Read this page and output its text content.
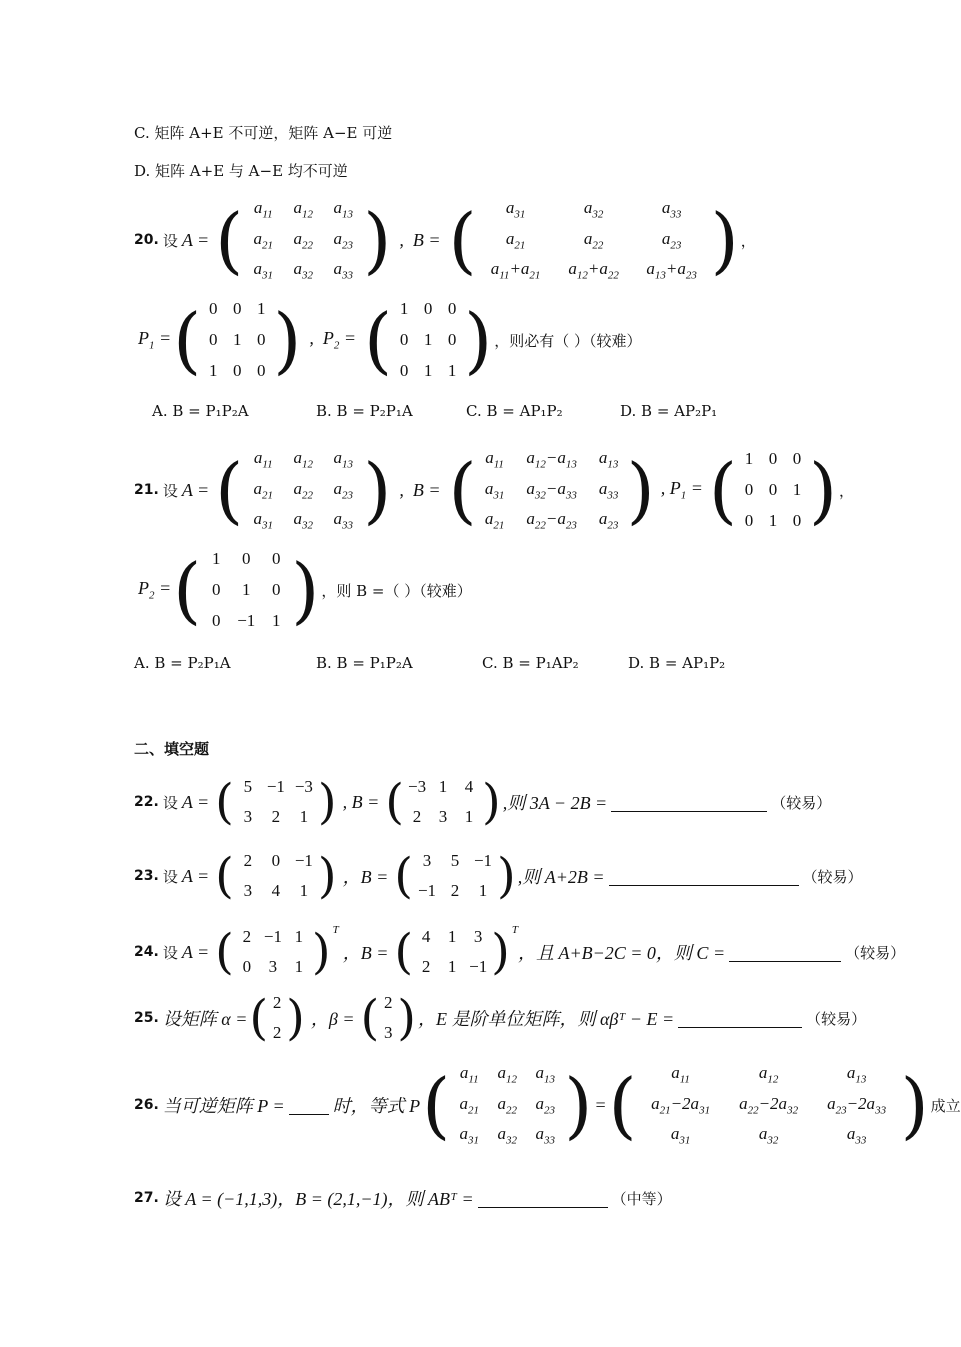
C. 矩阵 A+E 不可逆，矩阵 A−E 可逆
D. 矩阵 A+E 与 A−E 均不可逆
20. 设 A = ( $a_{11}$	$a_{12}$	$a_{13}$
$a_{21}$	$a_{22}$	$a_{23}$
$a_{31}$	$a_{32}$	$a_{33}$ ) ,  B = (	$a_{31}$	$a_{32}$	$a_{33}$
$a_{21}$	$a_{22}$	$a_{23}$
$a_{11}+a_{21}$	$a_{12}+a_{22}$	$a_{13}+a_{23}$ ) ，
$P_1$ = ( 0 0 1
0 1 0
1 0 0 ) ,  $P_2$ = ( 1 0 0
0 1 0
0 1 1 ) ，则必有（ ）（较难）
A. B = P₁P₂A	B. B = P₂P₁A	C. B = AP₁P₂	D. B = AP₂P₁
21. 设 A = ( $a_{11}$	$a_{12}$	$a_{13}$
$a_{21}$	$a_{22}$	$a_{23}$
$a_{31}$	$a_{32}$	$a_{33}$ ) ,  B = ( $a_{11}$	$a_{12}-a_{13}$	$a_{13}$
$a_{31}$	$a_{32}-a_{33}$	$a_{33}$
$a_{21}$	$a_{22}-a_{23}$	$a_{23}$ ) , $P_1$ = ( 1 0 0
0 0 1
0 1 0 ) ，
$P_2$ = ( 1	0	0
0	1	0
0 −1 1 ) ，则 B =（ ）（较难）
A. B = P₂P₁A	B. B = P₁P₂A	C. B = P₁AP₂	D. B = AP₁P₂
二、填空题
22. 设 A = ( 5 −1 −3
3	2	1 ) , B = ( −3 1	4
2	3	1 ) ,则 3A − 2B =	（较易）
23. 设 A = ( 2	0 −1
3	4	1 ) ，B = ( 3	5 −1
−1 2	1 ) ,则 A+2B =	（较易）
24. 设 A = ( 2 −1 1
0	3	1 ) T
，B = ( 4	1	3
2	1 −1 ) T
，且 A+B−2C = 0，则 C =	（较易）
25. 设矩阵 α = ( 2
2 ) ，β = ( 2
3 ) ，E 是阶单位矩阵，则 αβᵀ − E =	（较易）
26. 当可逆矩阵 P =	时，等式 P ( $a_{11}$	$a_{12}$	$a_{13}$
$a_{21}$	$a_{22}$	$a_{23}$
$a_{31}$	$a_{32}$	$a_{33}$ ) = (	$a_{11}$	$a_{12}$	$a_{13}$
$a_{21}-2a_{31}$	$a_{22}-2a_{32}$	$a_{23}-2a_{33}$
$a_{31}$	$a_{32}$	$a_{33}$ ) 成立
27. 设 A = (−1,1,3)，B = (2,1,−1)，则 ABᵀ =	（中等）
